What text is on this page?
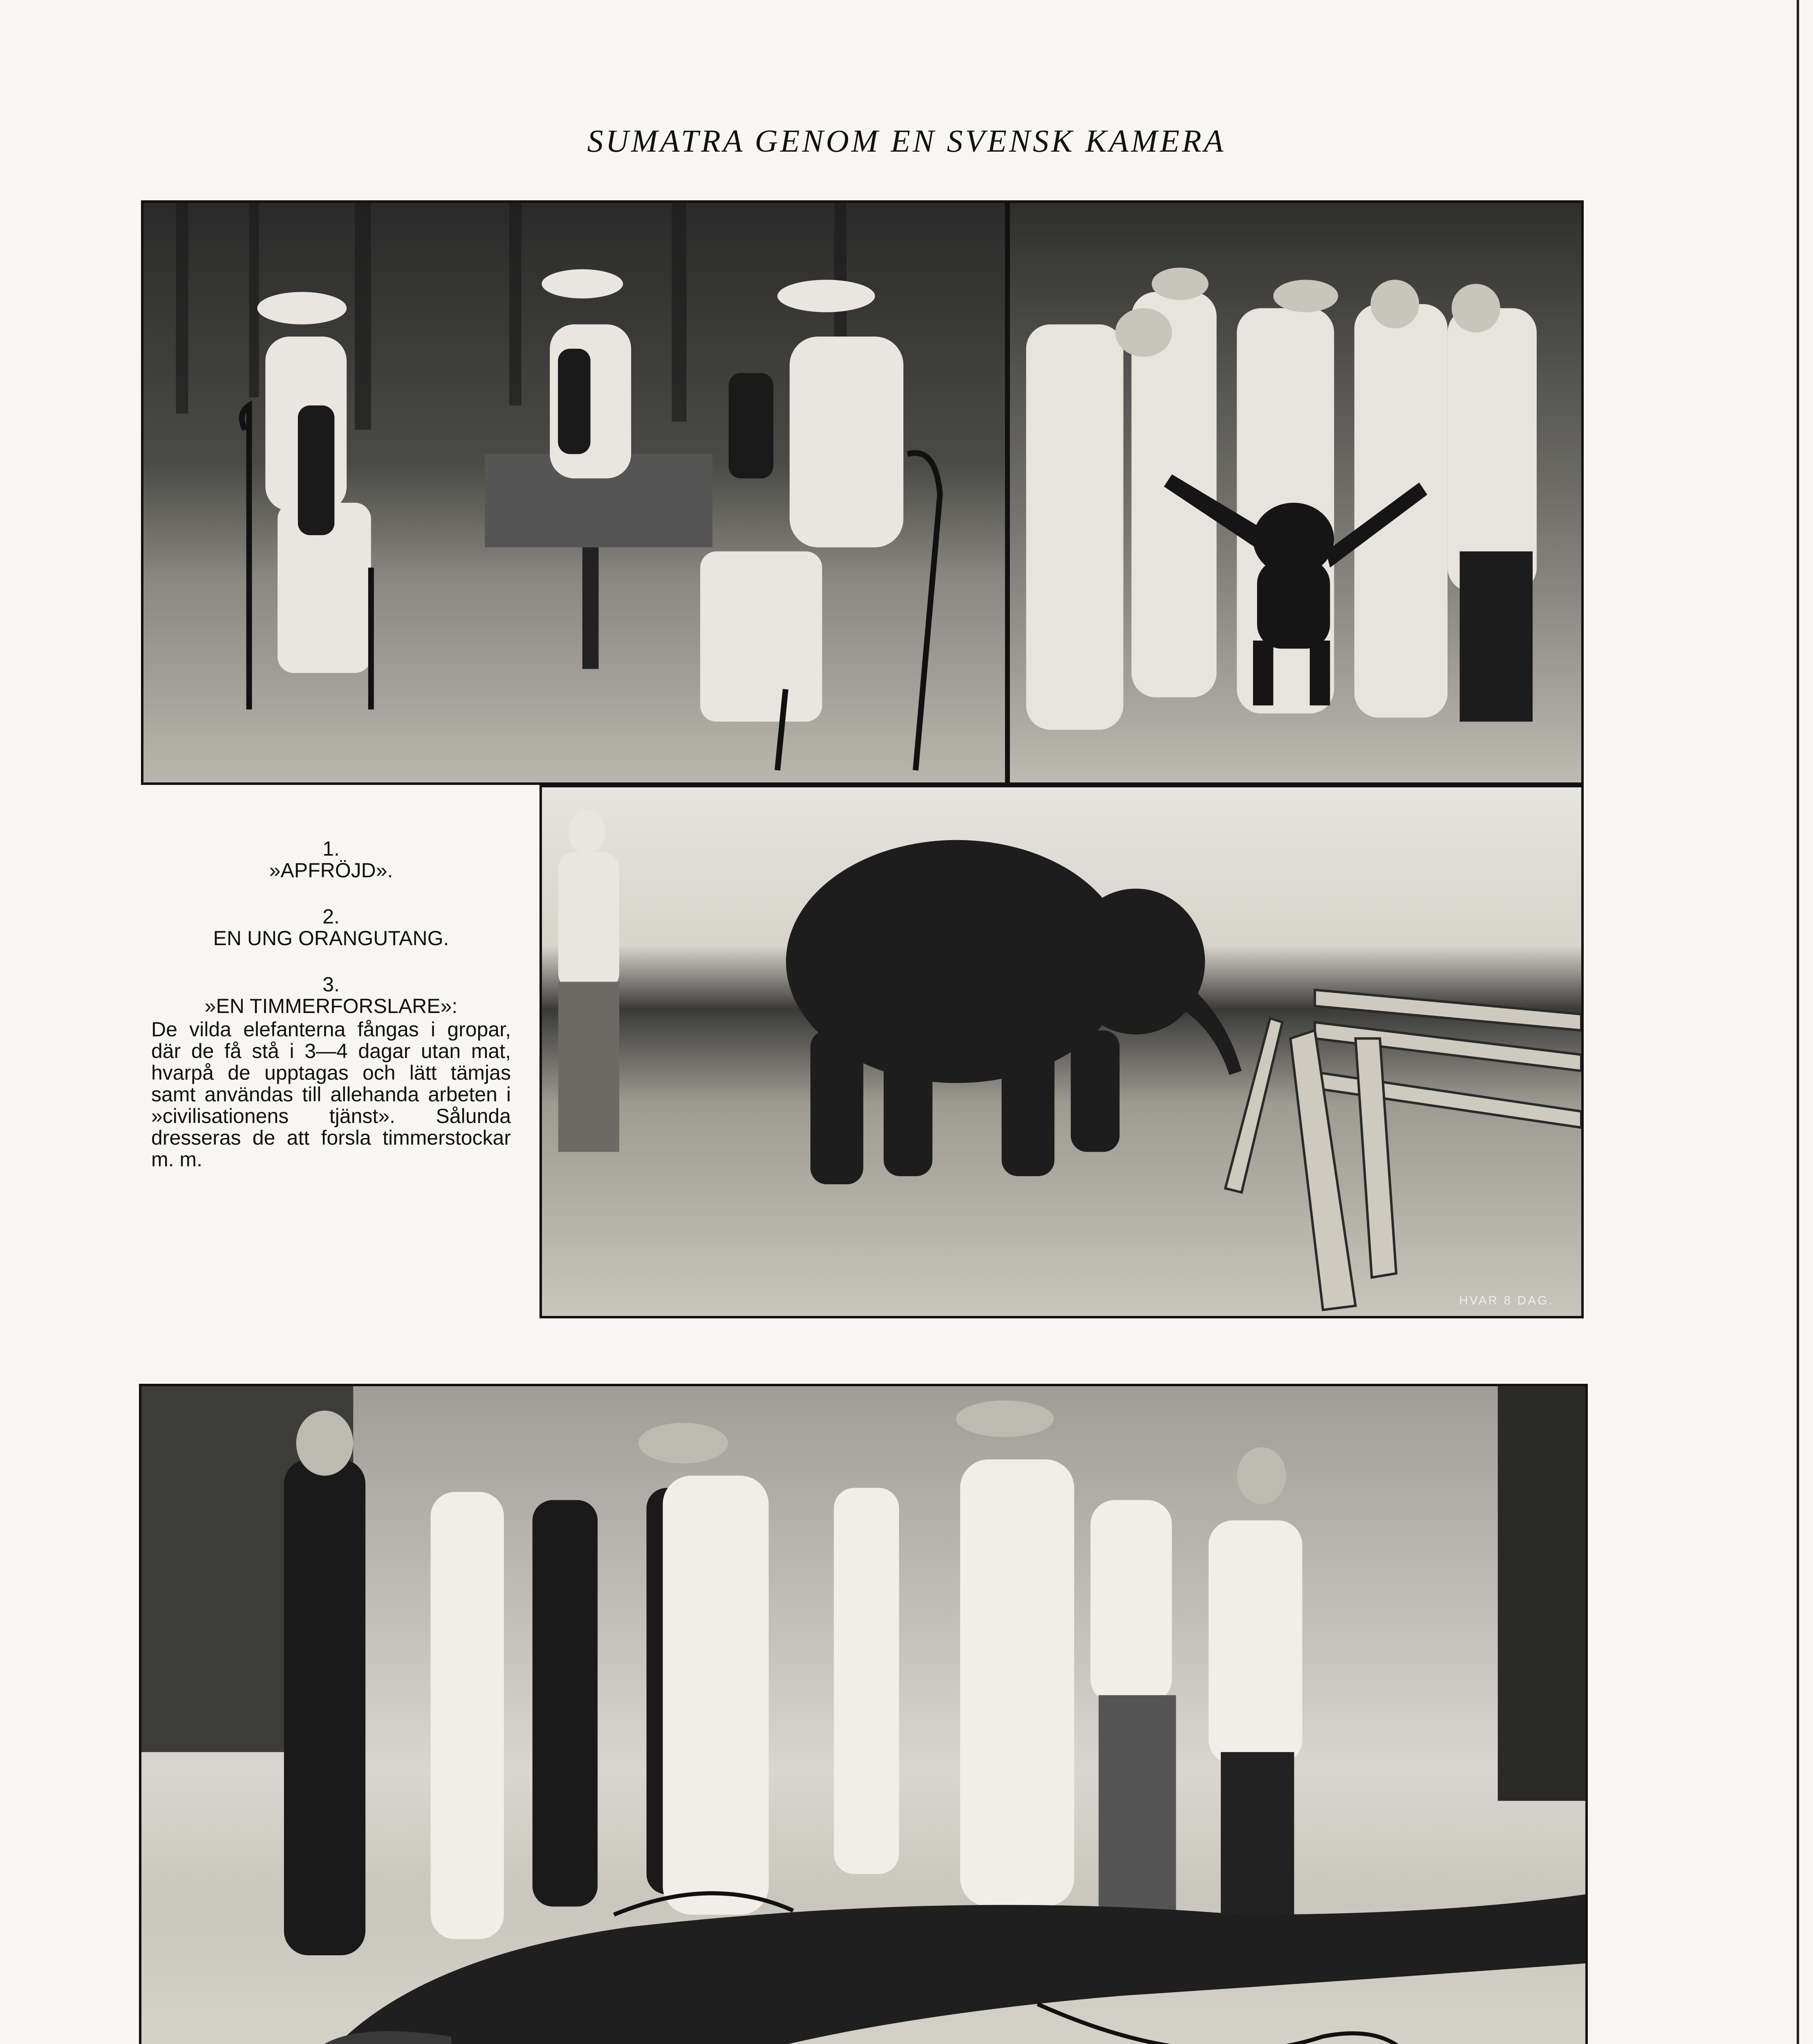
SUMATRA GENOM EN SVENSK KAMERA
1.
»APFRÖJD».
2.
EN UNG ORANGUTANG.
3.
»EN TIMMERFORSLARE»:
De vilda elefanterna fångas i gropar, där de få stå i 3—4 dagar utan mat, hvarpå de upptagas och lätt tämjas samt användas till allehanda arbeten i »civilisationens tjänst». Sålunda dresseras de att forsla timmerstockar m. m.
HVAR 8 DAG.
